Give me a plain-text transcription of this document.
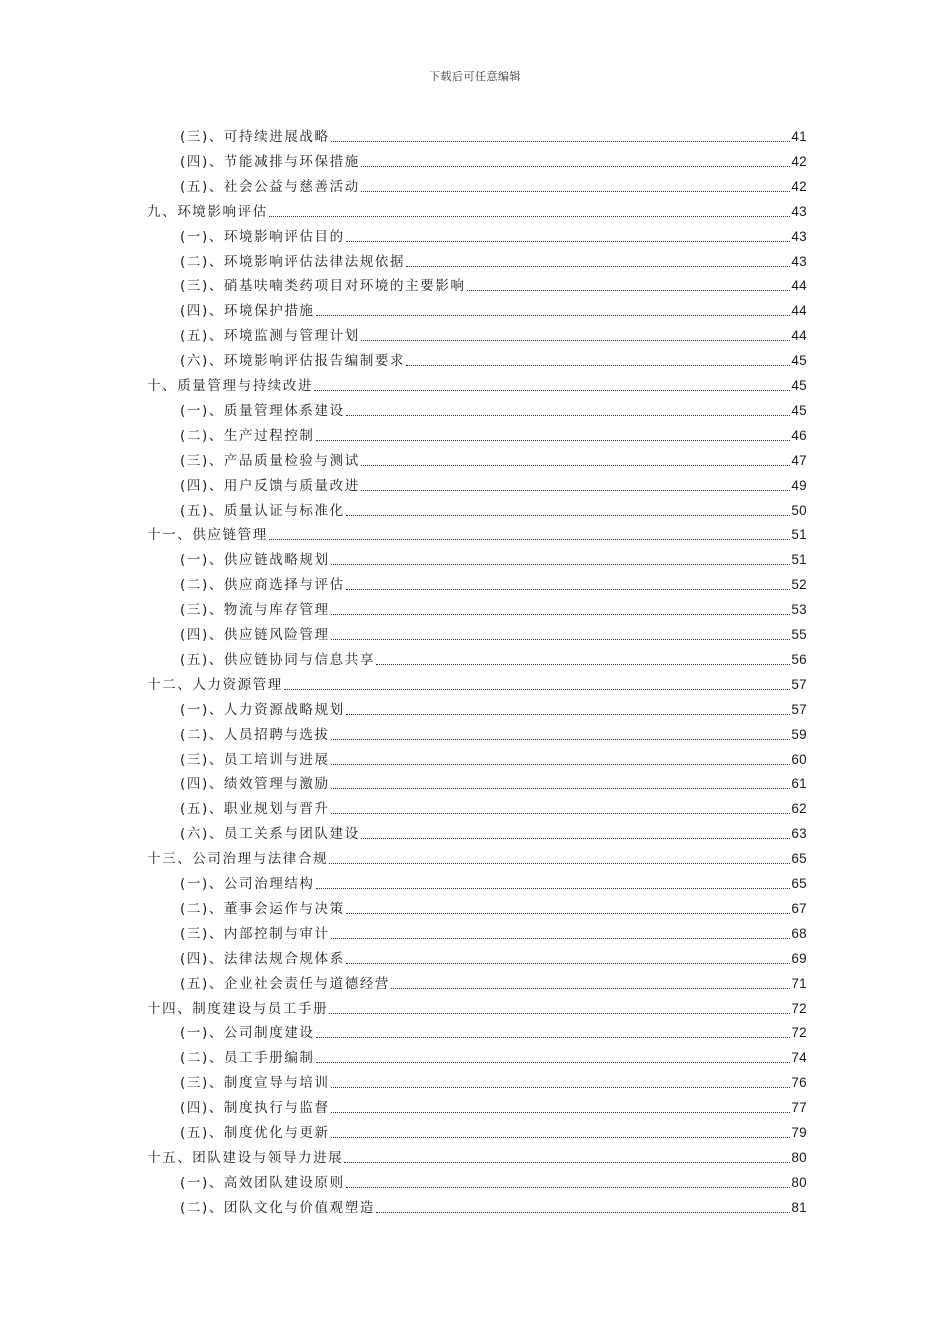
下载后可任意编辑
(三)、可持续进展战略	41
(四)、节能减排与环保措施	42
(五)、社会公益与慈善活动	42
九、环境影响评估	43
(一)、环境影响评估目的	43
(二)、环境影响评估法律法规依据	43
(三)、硝基呋喃类药项目对环境的主要影响	44
(四)、环境保护措施	44
(五)、环境监测与管理计划	44
(六)、环境影响评估报告编制要求	45
十、质量管理与持续改进	45
(一)、质量管理体系建设	45
(二)、生产过程控制	46
(三)、产品质量检验与测试	47
(四)、用户反馈与质量改进	49
(五)、质量认证与标准化	50
十一、供应链管理	51
(一)、供应链战略规划	51
(二)、供应商选择与评估	52
(三)、物流与库存管理	53
(四)、供应链风险管理	55
(五)、供应链协同与信息共享	56
十二、人力资源管理	57
(一)、人力资源战略规划	57
(二)、人员招聘与选拔	59
(三)、员工培训与进展	60
(四)、绩效管理与激励	61
(五)、职业规划与晋升	62
(六)、员工关系与团队建设	63
十三、公司治理与法律合规	65
(一)、公司治理结构	65
(二)、董事会运作与决策	67
(三)、内部控制与审计	68
(四)、法律法规合规体系	69
(五)、企业社会责任与道德经营	71
十四、制度建设与员工手册	72
(一)、公司制度建设	72
(二)、员工手册编制	74
(三)、制度宣导与培训	76
(四)、制度执行与监督	77
(五)、制度优化与更新	79
十五、团队建设与领导力进展	80
(一)、高效团队建设原则	80
(二)、团队文化与价值观塑造	81
